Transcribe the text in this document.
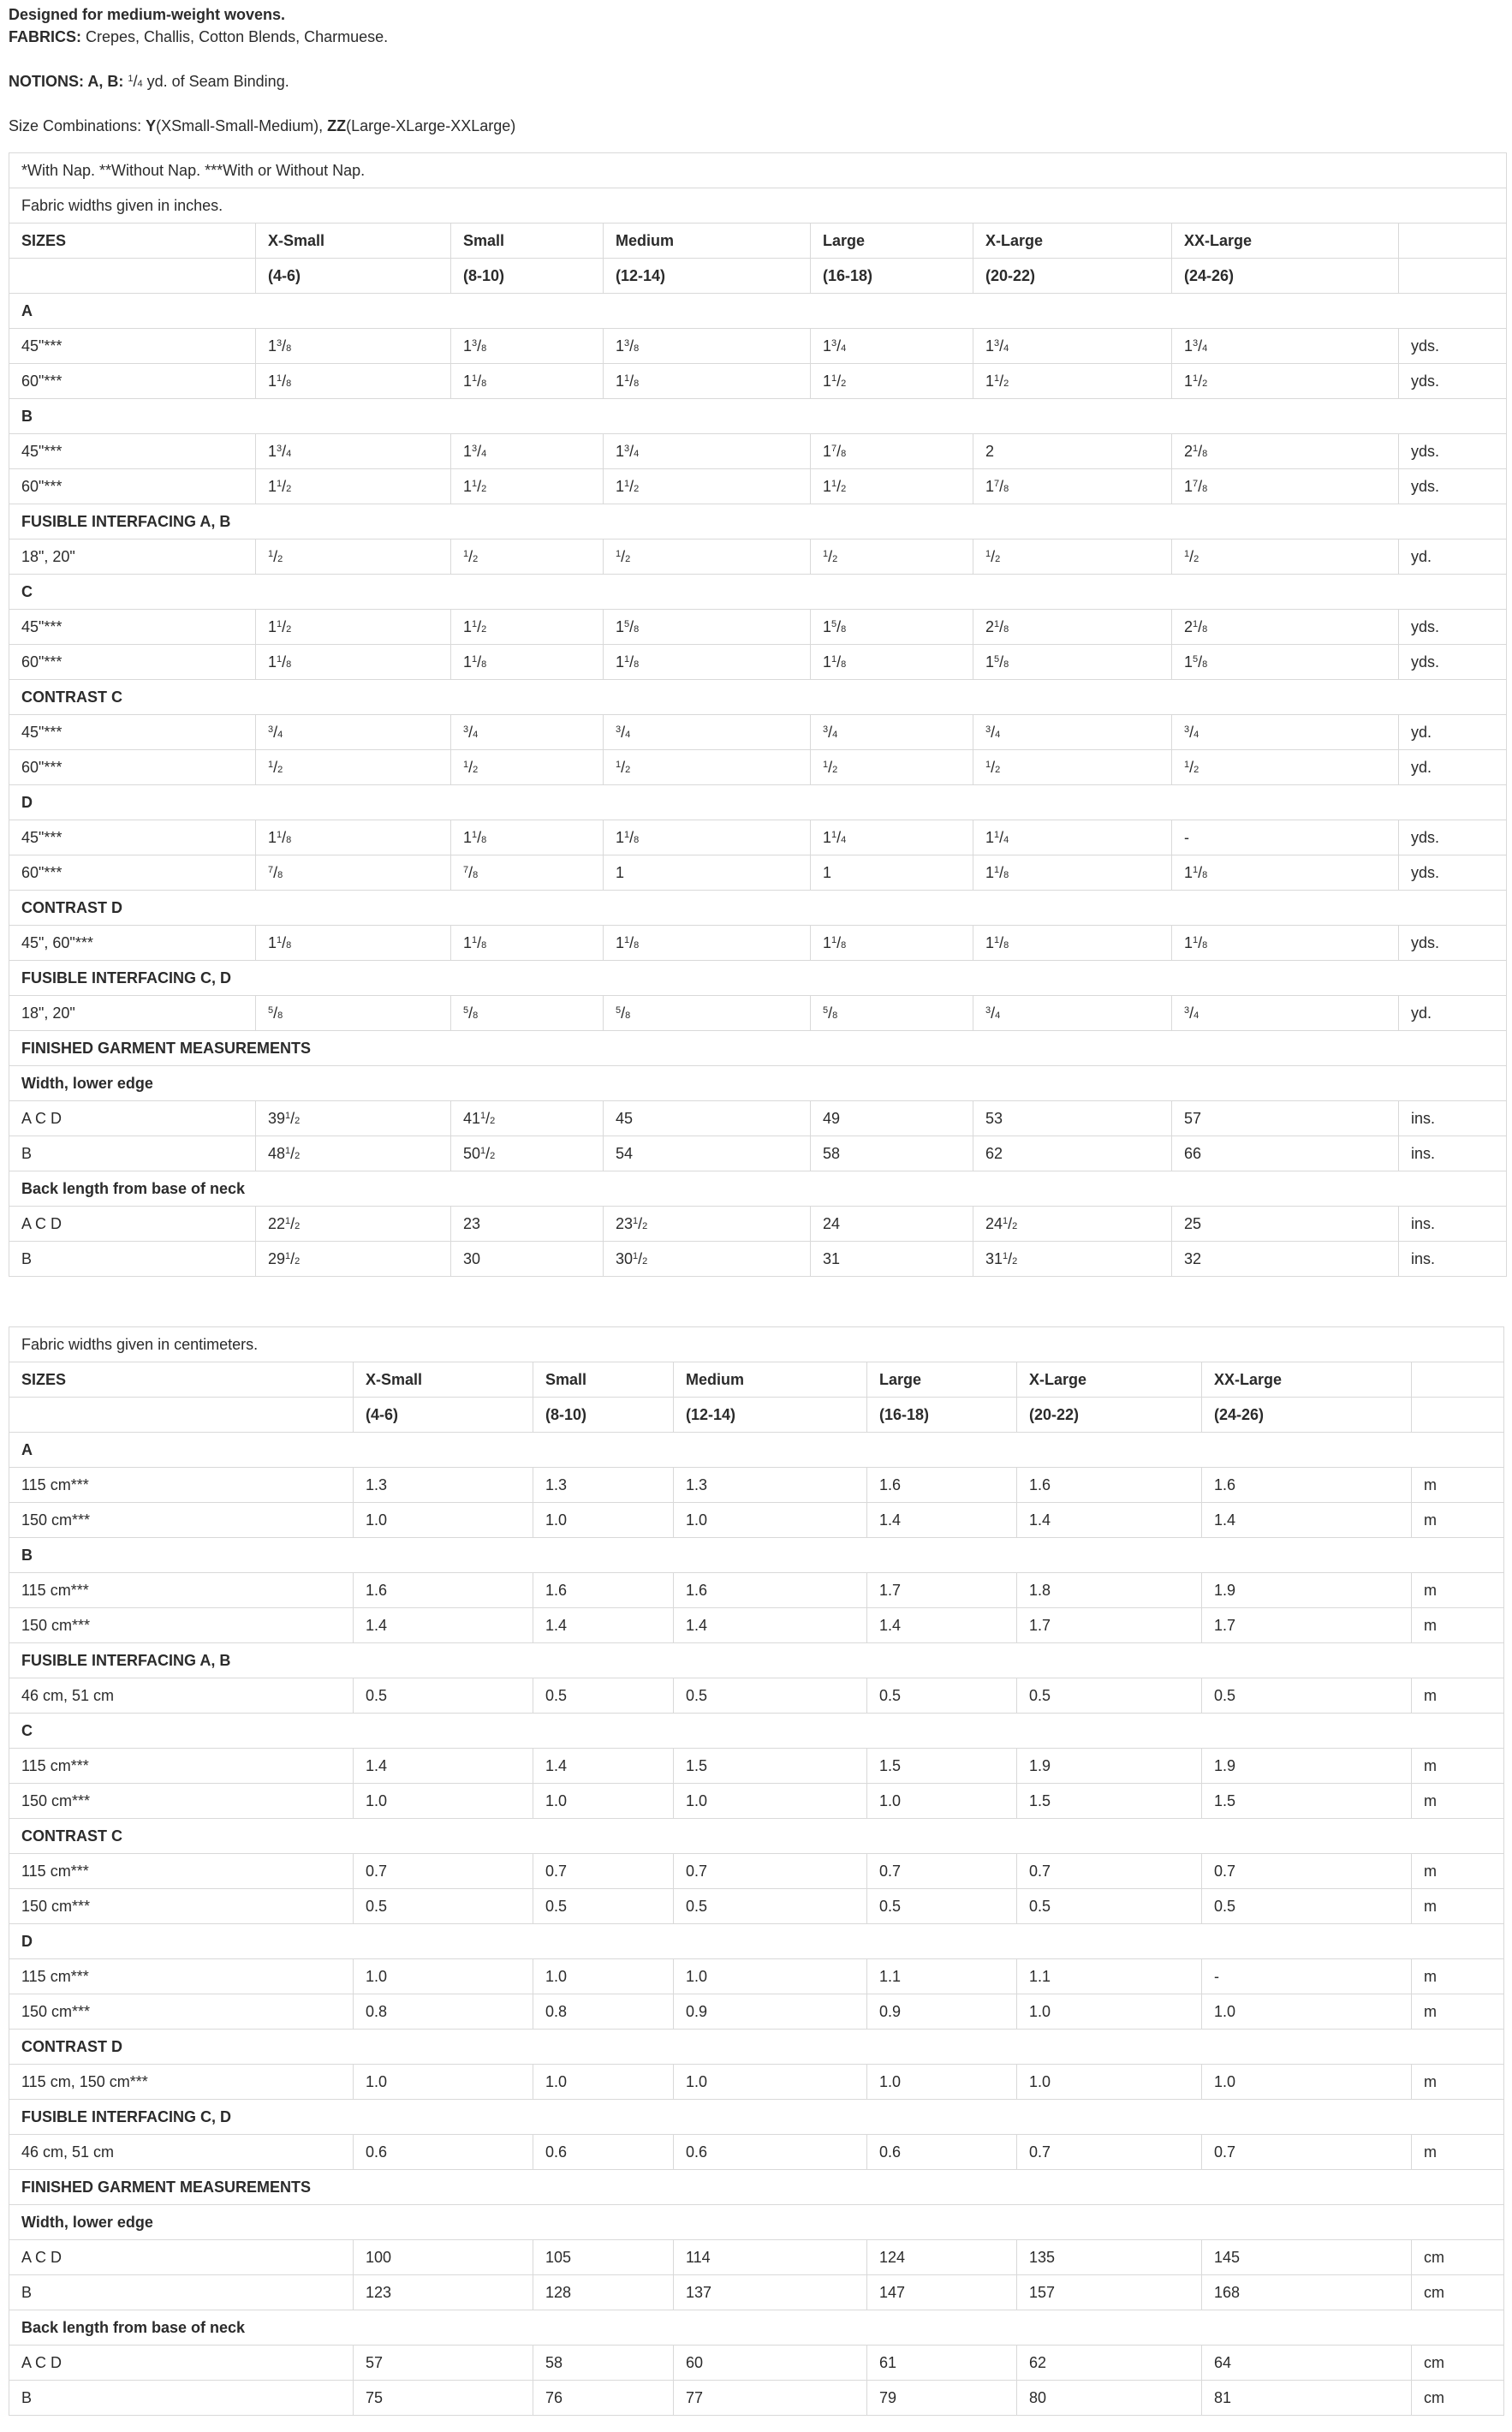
Designed for medium-weight wovens.
FABRICS: Crepes, Challis, Cotton Blends, Charmuese.
NOTIONS: A, B: $^1$/4 yd. of Seam Binding.
Size Combinations: Y(XSmall-Small-Medium), ZZ(Large-XLarge-XXLarge)
*With Nap. **Without Nap. ***With or Without Nap.							
Fabric widths given in inches.							
SIZES	X-Small	Small	Medium	Large	X-Large	XX-Large	
	(4-6)	(8-10)	(12-14)	(16-18)	(20-22)	(24-26)	
A							
45"***	$1^3/8$	$1^3/8$	$1^3/8$	$1^3/4$	$1^3/4$	$1^3/4$	yds.
60"***	$1^1/8$	$1^1/8$	$1^1/8$	$1^1/2$	$1^1/2$	$1^1/2$	yds.
B							
45"***	$1^3/4$	$1^3/4$	$1^3/4$	$1^7/8$	2	$2^1/8$	yds.
60"***	$1^1/2$	$1^1/2$	$1^1/2$	$1^1/2$	$1^7/8$	$1^7/8$	yds.
FUSIBLE INTERFACING A, B							
18", 20"	$^1$/2	$^1$/2	$^1$/2	$^1$/2	$^1$/2	$^1$/2	yd.
C							
45"***	$1^1/2$	$1^1/2$	$1^5/8$	$1^5/8$	$2^1/8$	$2^1/8$	yds.
60"***	$1^1/8$	$1^1/8$	$1^1/8$	$1^1/8$	$1^5/8$	$1^5/8$	yds.
CONTRAST C							
45"***	$^3$/4	$^3$/4	$^3$/4	$^3$/4	$^3$/4	$^3$/4	yd.
60"***	$^1$/2	$^1$/2	$^1$/2	$^1$/2	$^1$/2	$^1$/2	yd.
D							
45"***	$1^1/8$	$1^1/8$	$1^1/8$	$1^1/4$	$1^1/4$	-	yds.
60"***	$^7$/8	$^7$/8	1	1	$1^1/8$	$1^1/8$	yds.
CONTRAST D							
45", 60"***	$1^1/8$	$1^1/8$	$1^1/8$	$1^1/8$	$1^1/8$	$1^1/8$	yds.
FUSIBLE INTERFACING C, D							
18", 20"	$^5$/8	$^5$/8	$^5$/8	$^5$/8	$^3$/4	$^3$/4	yd.
FINISHED GARMENT MEASUREMENTS							
Width, lower edge							
A C D	$39^1/2$	$41^1/2$	45	49	53	57	ins.
B	$48^1/2$	$50^1/2$	54	58	62	66	ins.
Back length from base of neck							
A C D	$22^1/2$	23	$23^1/2$	24	$24^1/2$	25	ins.
B	$29^1/2$	30	$30^1/2$	31	$31^1/2$	32	ins.
Fabric widths given in centimeters.							
SIZES	X-Small	Small	Medium	Large	X-Large	XX-Large	
	(4-6)	(8-10)	(12-14)	(16-18)	(20-22)	(24-26)	
A							
115 cm***	1.3	1.3	1.3	1.6	1.6	1.6	m
150 cm***	1.0	1.0	1.0	1.4	1.4	1.4	m
B							
115 cm***	1.6	1.6	1.6	1.7	1.8	1.9	m
150 cm***	1.4	1.4	1.4	1.4	1.7	1.7	m
FUSIBLE INTERFACING A, B							
46 cm, 51 cm	0.5	0.5	0.5	0.5	0.5	0.5	m
C							
115 cm***	1.4	1.4	1.5	1.5	1.9	1.9	m
150 cm***	1.0	1.0	1.0	1.0	1.5	1.5	m
CONTRAST C							
115 cm***	0.7	0.7	0.7	0.7	0.7	0.7	m
150 cm***	0.5	0.5	0.5	0.5	0.5	0.5	m
D							
115 cm***	1.0	1.0	1.0	1.1	1.1	-	m
150 cm***	0.8	0.8	0.9	0.9	1.0	1.0	m
CONTRAST D							
115 cm, 150 cm***	1.0	1.0	1.0	1.0	1.0	1.0	m
FUSIBLE INTERFACING C, D							
46 cm, 51 cm	0.6	0.6	0.6	0.6	0.7	0.7	m
FINISHED GARMENT MEASUREMENTS							
Width, lower edge							
A C D	100	105	114	124	135	145	cm
B	123	128	137	147	157	168	cm
Back length from base of neck							
A C D	57	58	60	61	62	64	cm
B	75	76	77	79	80	81	cm
